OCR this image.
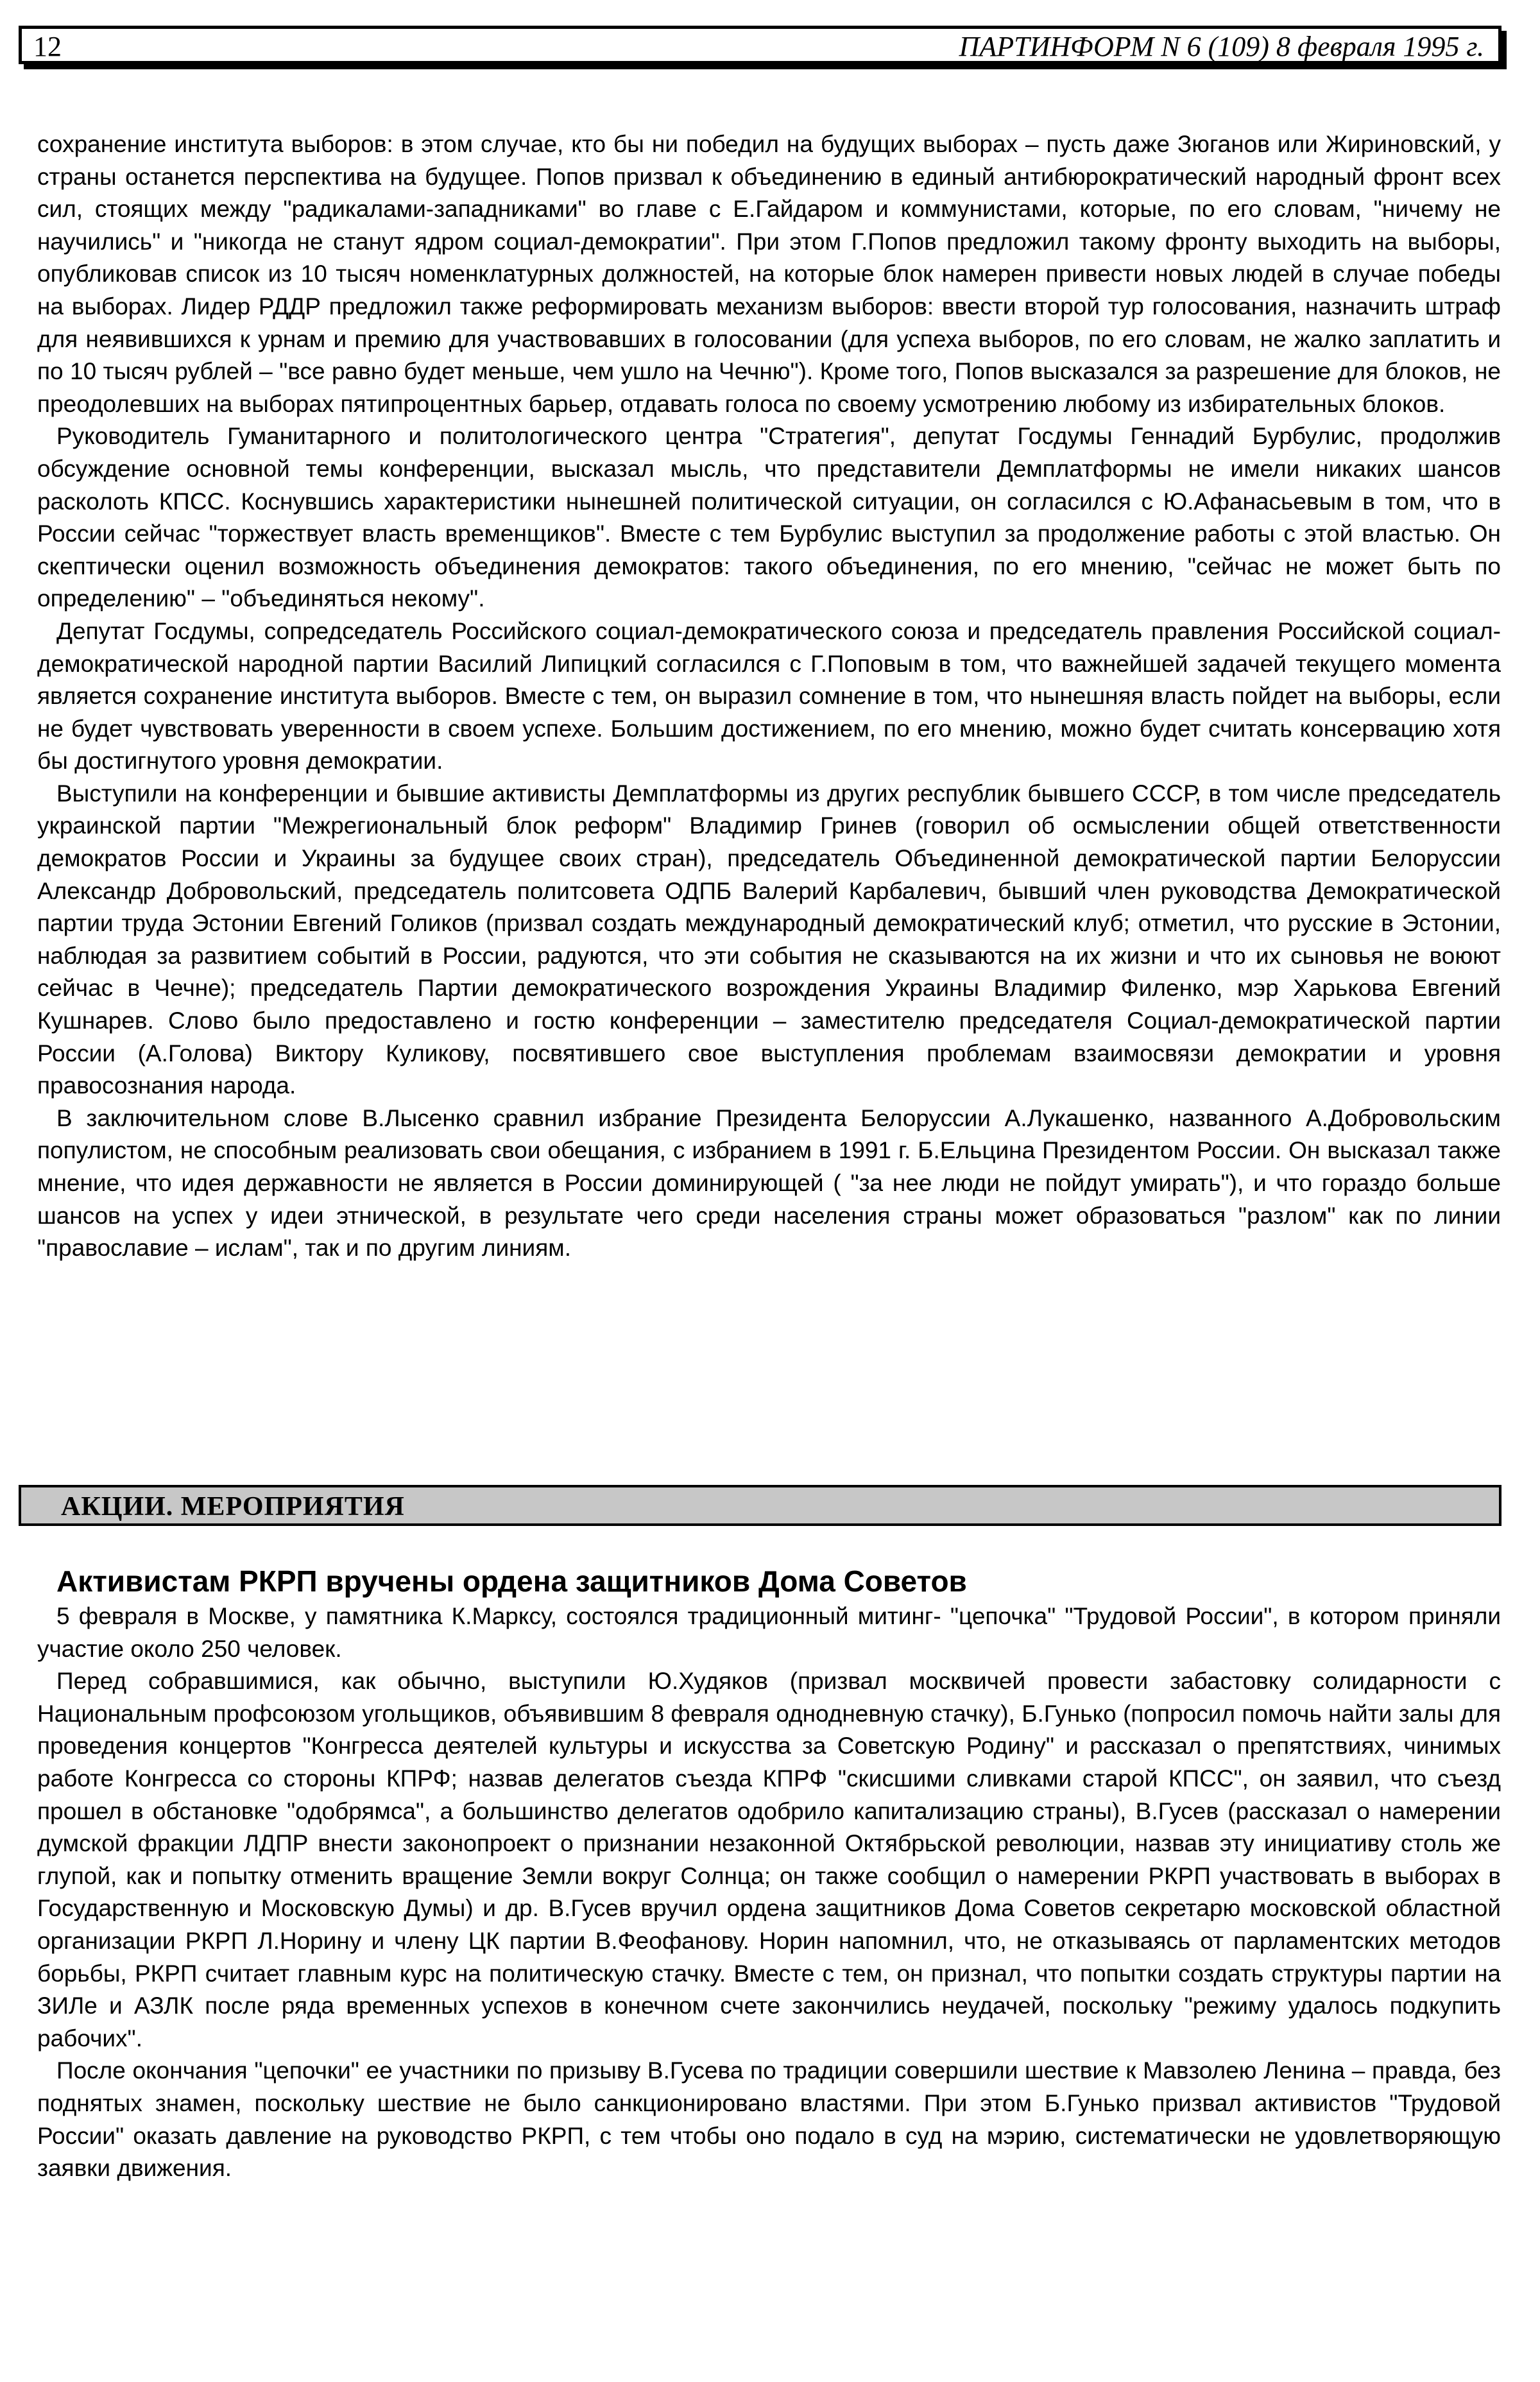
12	ПАРТИНФОРМ N 6 (109) 8 февраля 1995 г.

сохранение института выборов: в этом случае, кто бы ни победил на будущих выборах – пусть даже Зюганов или Жириновский, у страны останется перспектива на будущее. Попов призвал к объединению в единый антибюрократический народный фронт всех сил, стоящих между "радикалами-западниками" во главе с Е.Гайдаром и коммунистами, которые, по его словам, "ничему не научились" и "никогда не станут ядром социал-демократии". При этом Г.Попов предложил такому фронту выходить на выборы, опубликовав список из 10 тысяч номенклатурных должностей, на которые блок намерен привести новых людей в случае победы на выборах. Лидер РДДР предложил также реформировать механизм выборов: ввести второй тур голосования, назначить штраф для неявившихся к урнам и премию для участвовавших в голосовании (для успеха выборов, по его словам, не жалко заплатить и по 10 тысяч рублей – "все равно будет меньше, чем ушло на Чечню"). Кроме того, Попов высказался за разрешение для блоков, не преодолевших на выборах пятипроцентных барьер, отдавать голоса по своему усмотрению любому из избирательных блоков.

Руководитель Гуманитарного и политологического центра "Стратегия", депутат Госдумы Геннадий Бурбулис, продолжив обсуждение основной темы конференции, высказал мысль, что представители Демплатформы не имели никаких шансов расколоть КПСС. Коснувшись характеристики нынешней политической ситуации, он согласился с Ю.Афанасьевым в том, что в России сейчас "торжествует власть временщиков". Вместе с тем Бурбулис выступил за продолжение работы с этой властью. Он скептически оценил возможность объединения демократов: такого объединения, по его мнению, "сейчас не может быть по определению" – "объединяться некому".

Депутат Госдумы, сопредседатель Российского социал-демократического союза и председатель правления Российской социал-демократической народной партии Василий Липицкий согласился с Г.Поповым в том, что важнейшей задачей текущего момента является сохранение института выборов. Вместе с тем, он выразил сомнение в том, что нынешняя власть пойдет на выборы, если не будет чувствовать уверенности в своем успехе. Большим достижением, по его мнению, можно будет считать консервацию хотя бы достигнутого уровня демократии.

Выступили на конференции и бывшие активисты Демплатформы из других республик бывшего СССР, в том числе председатель украинской партии "Межрегиональный блок реформ" Владимир Гринев (говорил об осмыслении общей ответственности демократов России и Украины за будущее своих стран), председатель Объединенной демократической партии Белоруссии Александр Добровольский, председатель политсовета ОДПБ Валерий Карбалевич, бывший член руководства Демократической партии труда Эстонии Евгений Голиков (призвал создать международный демократический клуб; отметил, что русские в Эстонии, наблюдая за развитием событий в России, радуются, что эти события не сказываются на их жизни и что их сыновья не воюют сейчас в Чечне); председатель Партии демократического возрождения Украины Владимир Филенко, мэр Харькова Евгений Кушнарев. Слово было предоставлено и гостю конференции – заместителю председателя Социал-демократической партии России (А.Голова) Виктору Куликову, посвятившего свое выступления проблемам взаимосвязи демократии и уровня правосознания народа.

В заключительном слове В.Лысенко сравнил избрание Президента Белоруссии А.Лукашенко, названного А.Добровольским популистом, не способным реализовать свои обещания, с избранием в 1991 г. Б.Ельцина Президентом России. Он высказал также мнение, что идея державности не является в России доминирующей ( "за нее люди не пойдут умирать"), и что гораздо больше шансов на успех у идеи этнической, в результате чего среди населения страны может образоваться "разлом" как по линии "православие – ислам", так и по другим линиям.

АКЦИИ. МЕРОПРИЯТИЯ
Активистам РКРП вручены ордена защитников Дома Советов

5 февраля в Москве, у памятника К.Марксу, состоялся традиционный митинг- "цепочка" "Трудовой России", в котором приняли участие около 250 человек.

Перед собравшимися, как обычно, выступили Ю.Худяков (призвал москвичей провести забастовку солидарности с Национальным профсоюзом угольщиков, объявившим 8 февраля однодневную стачку), Б.Гунько (попросил помочь найти залы для проведения концертов "Конгресса деятелей культуры и искусства за Советскую Родину" и рассказал о препятствиях, чинимых работе Конгресса со стороны КПРФ; назвав делегатов съезда КПРФ "скисшими сливками старой КПСС", он заявил, что съезд прошел в обстановке "одобрямса", а большинство делегатов одобрило капитализацию страны), В.Гусев (рассказал о намерении думской фракции ЛДПР внести законопроект о признании незаконной Октябрьской революции, назвав эту инициативу столь же глупой, как и попытку отменить вращение Земли вокруг Солнца; он также сообщил о намерении РКРП участвовать в выборах в Государственную и Московскую Думы) и др. В.Гусев вручил ордена защитников Дома Советов секретарю московской областной организации РКРП Л.Норину и члену ЦК партии В.Феофанову. Норин напомнил, что, не отказываясь от парламентских методов борьбы, РКРП считает главным курс на политическую стачку. Вместе с тем, он признал, что попытки создать структуры партии на ЗИЛе и АЗЛК после ряда временных успехов в конечном счете закончились неудачей, поскольку "режиму удалось подкупить рабочих".

После окончания "цепочки" ее участники по призыву В.Гусева по традиции совершили шествие к Мавзолею Ленина – правда, без поднятых знамен, поскольку шествие не было санкционировано властями. При этом Б.Гунько призвал активистов "Трудовой России" оказать давление на руководство РКРП, с тем чтобы оно подало в суд на мэрию, систематически не удовлетворяющую заявки движения.
